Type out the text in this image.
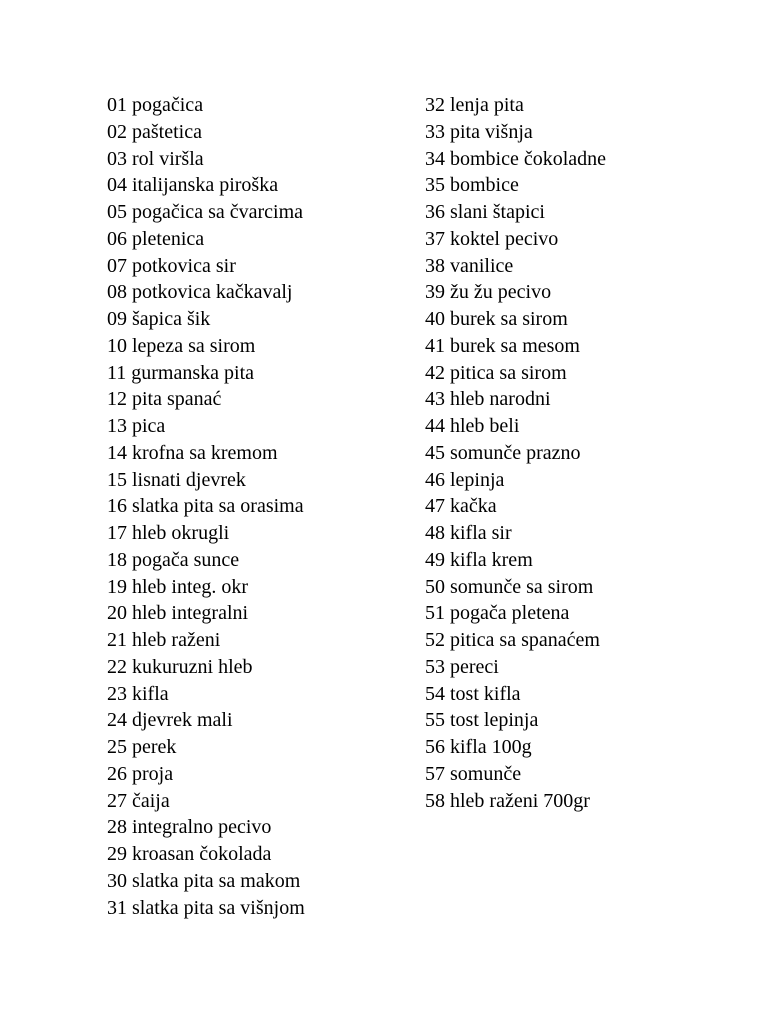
01 pogačica
02 paštetica
03 rol viršla
04 italijanska piroška
05 pogačica sa čvarcima
06 pletenica
07 potkovica sir
08 potkovica kačkavalj
09 šapica šik
10 lepeza sa sirom
11 gurmanska pita
12 pita spanać
13 pica
14 krofna sa kremom
15 lisnati djevrek
16 slatka pita sa orasima
17 hleb okrugli
18 pogača sunce
19 hleb integ. okr
20 hleb integralni
21 hleb raženi
22 kukuruzni hleb
23 kifla
24 djevrek mali
25 perek
26 proja
27 čaija
28 integralno pecivo
29 kroasan čokolada
30 slatka pita sa makom
31 slatka pita sa višnjom
32 lenja pita
33 pita višnja
34 bombice čokoladne
35 bombice
36 slani štapici
37 koktel pecivo
38 vanilice
39 žu žu pecivo
40 burek sa sirom
41 burek sa mesom
42 pitica sa sirom
43 hleb narodni
44 hleb beli
45 somunče prazno
46 lepinja
47 kačka
48 kifla sir
49 kifla krem
50 somunče sa sirom
51 pogača pletena
52 pitica sa spanaćem
53 pereci
54 tost kifla
55 tost lepinja
56 kifla 100g
57 somunče
58 hleb raženi 700gr
